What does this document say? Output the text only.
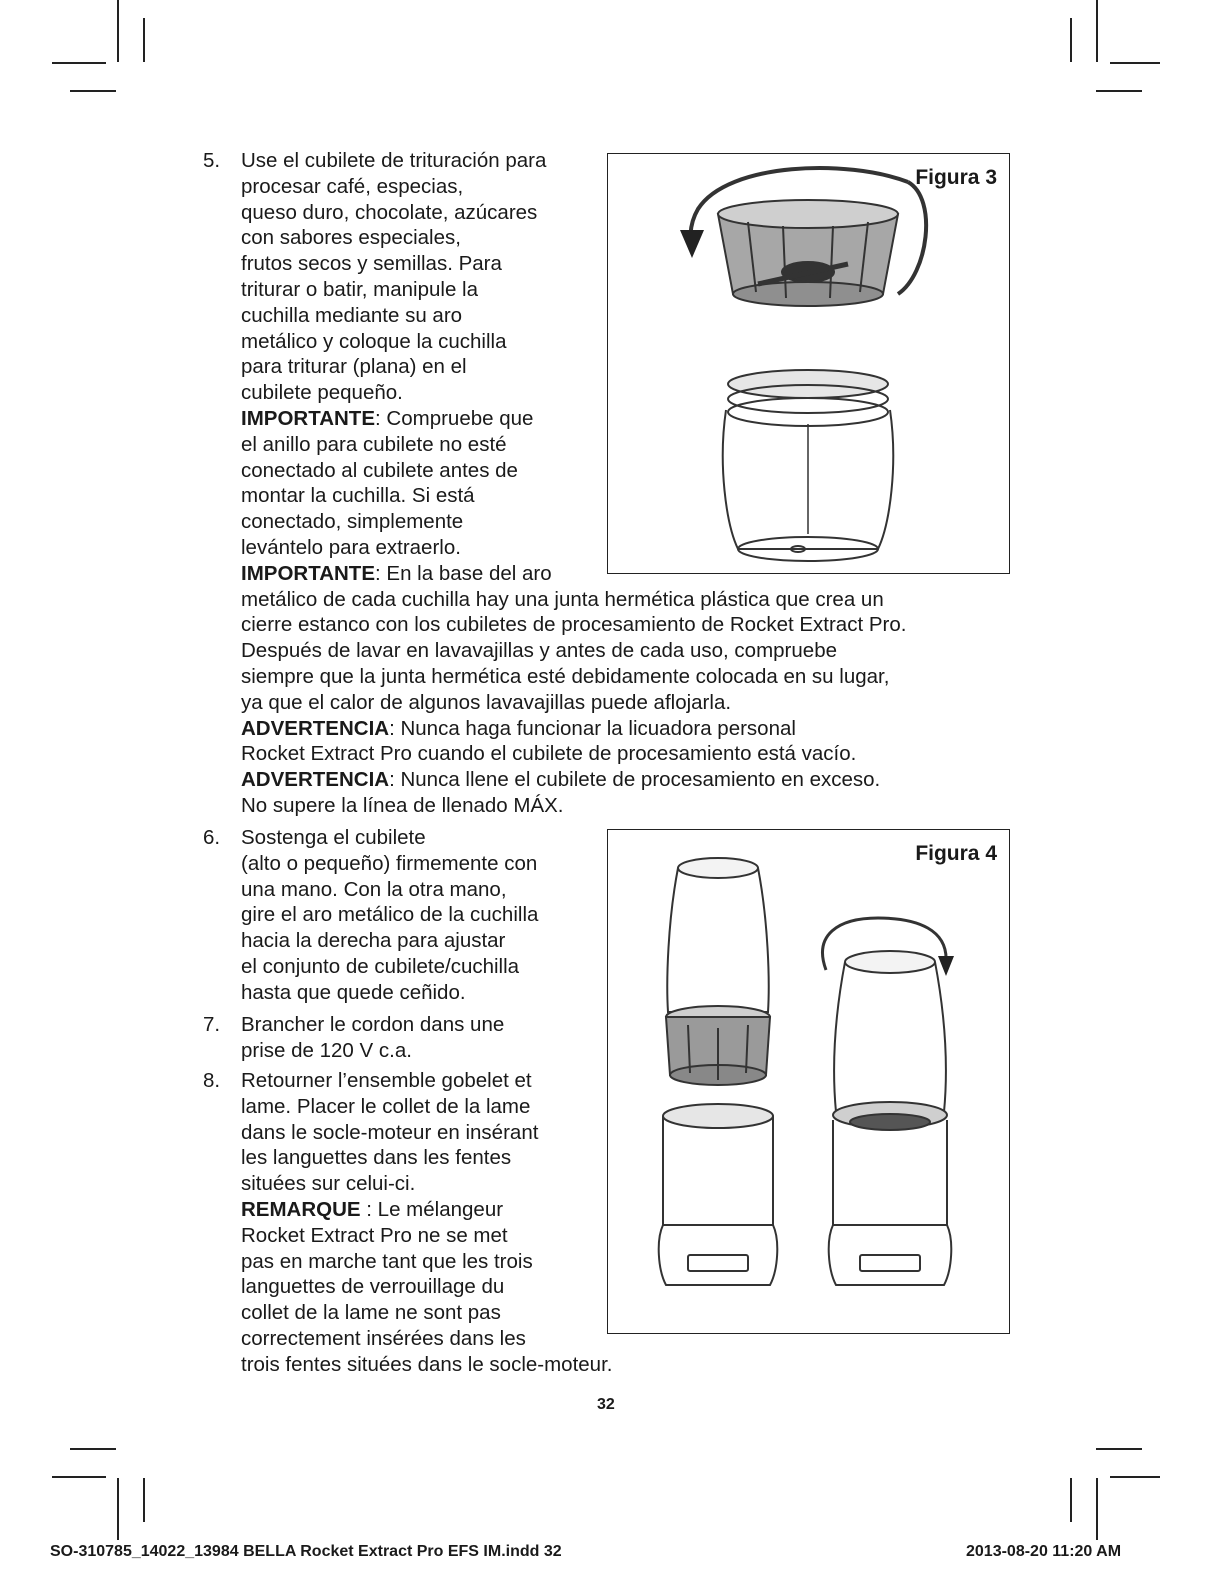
5. Use el cubilete de trituración para
procesar café, especias,
queso duro, chocolate, azúcares
con sabores especiales,
frutos secos y semillas. Para
triturar o batir, manipule la
cuchilla mediante su aro
metálico y coloque la cuchilla
para triturar (plana) en el
cubilete pequeño.
IMPORTANTE: Compruebe que
el anillo para cubilete no esté
conectado al cubilete antes de
montar la cuchilla. Si está
conectado, simplemente
levántelo para extraerlo.
IMPORTANTE: En la base del aro
metálico de cada cuchilla hay una junta hermética plástica que crea un
cierre estanco con los cubiletes de procesamiento de Rocket Extract Pro.
Después de lavar en lavavajillas y antes de cada uso, compruebe
siempre que la junta hermética esté debidamente colocada en su lugar,
ya que el calor de algunos lavavajillas puede aflojarla.
ADVERTENCIA: Nunca haga funcionar la licuadora personal
Rocket Extract Pro cuando el cubilete de procesamiento está vacío.
ADVERTENCIA: Nunca llene el cubilete de procesamiento en exceso.
No supere la línea de llenado MÁX.
6. Sostenga el cubilete
(alto o pequeño) firmemente con
una mano. Con la otra mano,
gire el aro metálico de la cuchilla
hacia la derecha para ajustar
el conjunto de cubilete/cuchilla
hasta que quede ceñido.
7. Brancher le cordon dans une
prise de 120 V c.a.
8. Retourner l’ensemble gobelet et
lame. Placer le collet de la lame
dans le socle-moteur en insérant
les languettes dans les fentes
situées sur celui-ci.
REMARQUE : Le mélangeur
Rocket Extract Pro ne se met
pas en marche tant que les trois
languettes de verrouillage du
collet de la lame ne sont pas
correctement insérées dans les
trois fentes situées dans le socle-moteur.
Figura 3
Figura 4
32
SO-310785_14022_13984 BELLA Rocket Extract Pro EFS IM.indd 32	2013-08-20 11:20 AM
